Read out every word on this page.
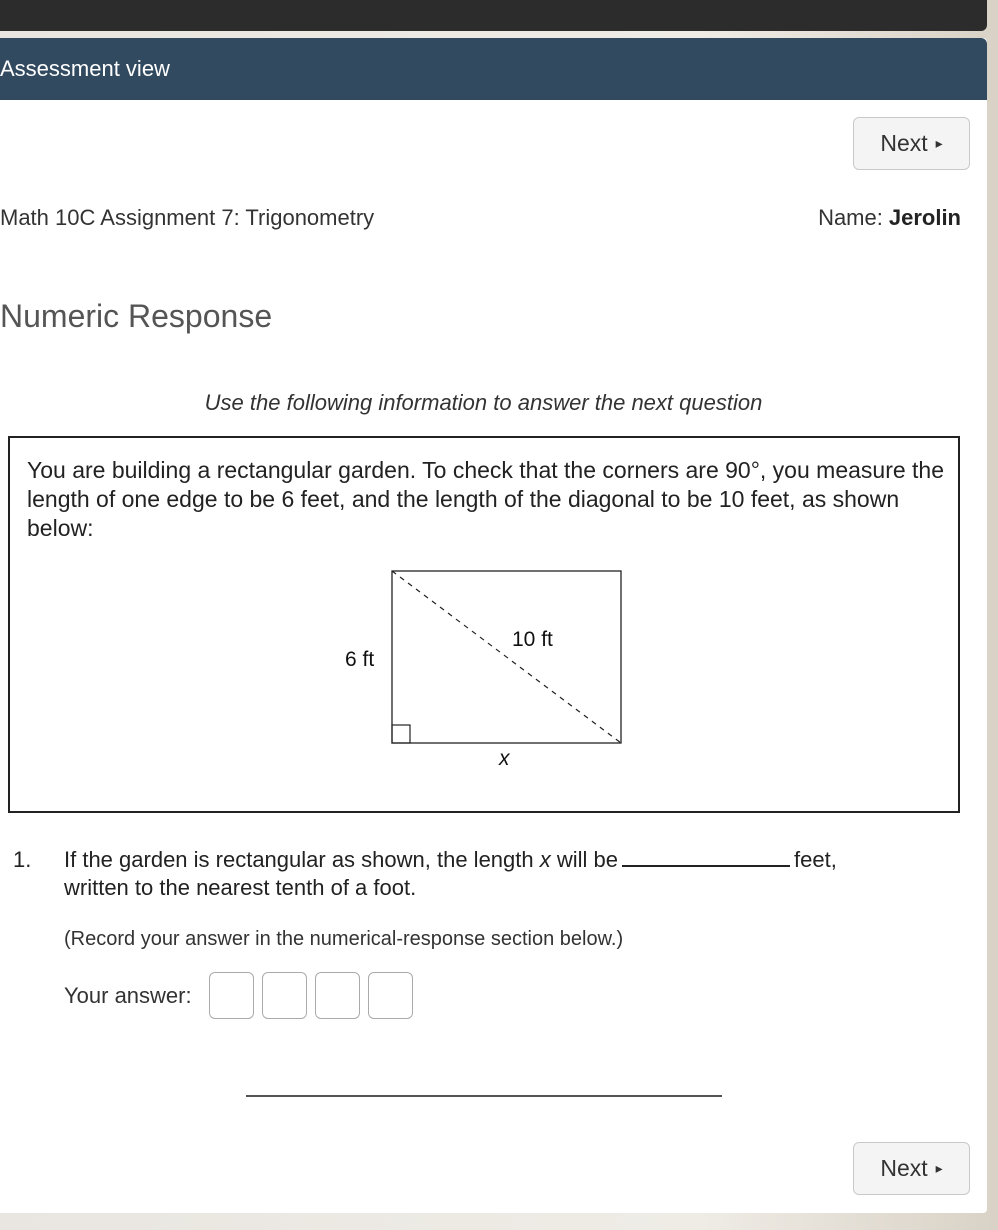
Assessment view
Next ▸
Math 10C Assignment 7: Trigonometry	Name: Jerolin
Numeric Response
Use the following information to answer the next question
You are building a rectangular garden. To check that the corners are 90°, you measure the length of one edge to be 6 feet, and the length of the diagonal to be 10 feet, as shown below:
6 ft
10 ft
x
1. If the garden is rectangular as shown, the length x will be	feet, written to the nearest tenth of a foot.
(Record your answer in the numerical-response section below.)
Your answer:
Next ▸
